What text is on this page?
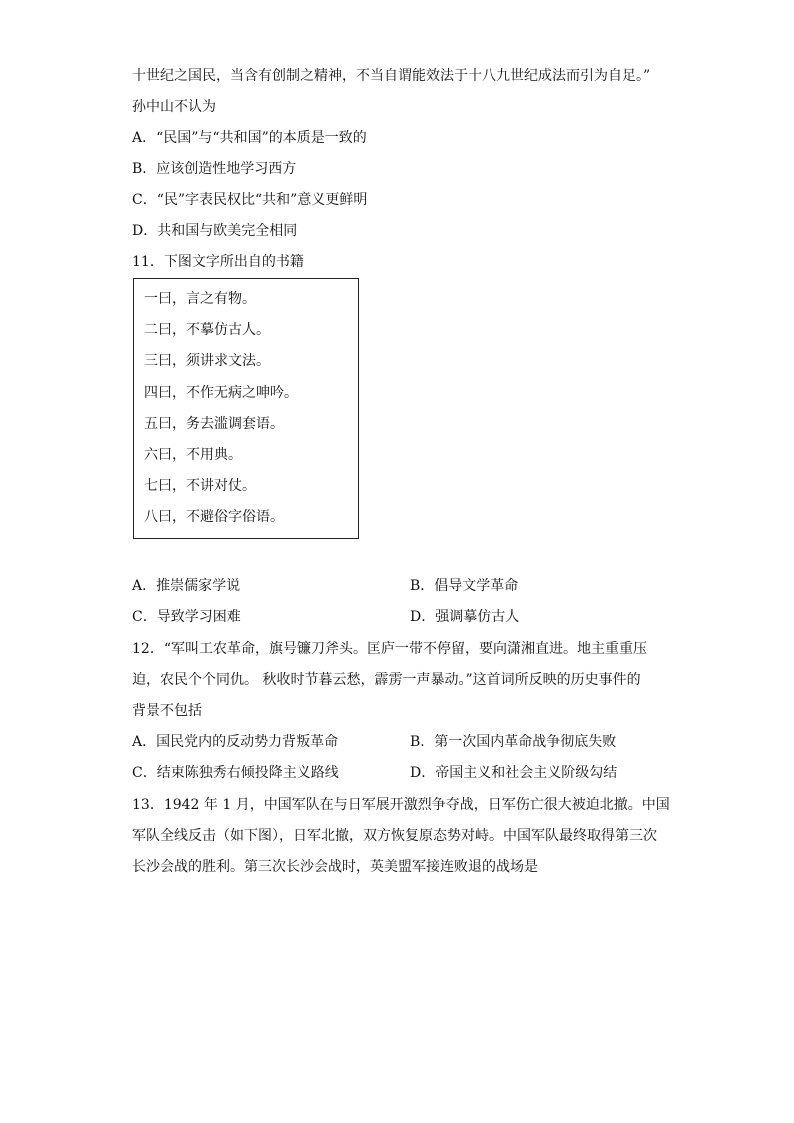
十世纪之国民，当含有创制之精神，不当自谓能效法于十八九世纪成法而引为自足。”
孙中山不认为
A．“民国”与“共和国”的本质是一致的
B．应该创造性地学习西方
C．“民”字表民权比“共和”意义更鲜明
D．共和国与欧美完全相同
11．下图文字所出自的书籍
一曰，言之有物。
二曰，不摹仿古人。
三曰，须讲求文法。
四曰，不作无病之呻吟。
五曰，务去滥调套语。
六曰，不用典。
七曰，不讲对仗。
八曰，不避俗字俗语。
A．推崇儒家学说	B．倡导文学革命
C．导致学习困难	D．强调摹仿古人
12．“军叫工农革命，旗号镰刀斧头。匡庐一带不停留，要向潇湘直进。地主重重压
迫，农民个个同仇。 秋收时节暮云愁，霹雳一声暴动。”这首词所反映的历史事件的
背景不包括
A．国民党内的反动势力背叛革命	B．第一次国内革命战争彻底失败
C．结束陈独秀右倾投降主义路线	D．帝国主义和社会主义阶级勾结
13．1942 年 1 月，中国军队在与日军展开激烈争夺战，日军伤亡很大被迫北撤。中国
军队全线反击（如下图），日军北撤，双方恢复原态势对峙。中国军队最终取得第三次
长沙会战的胜利。第三次长沙会战时，英美盟军接连败退的战场是
